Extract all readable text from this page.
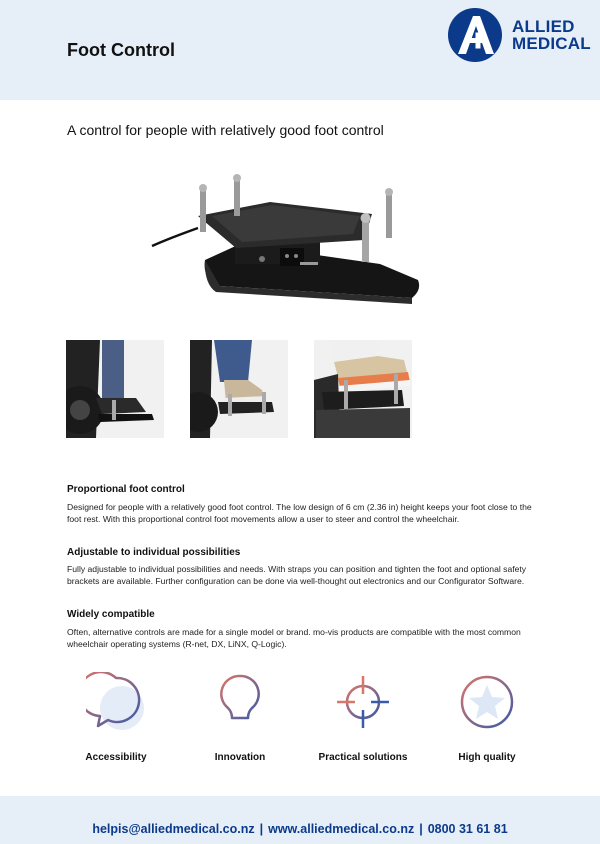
Foot Control
ALLIED
MEDICAL
A control for people with relatively good foot control
Proportional foot control
Designed for people with a relatively good foot control. The low design of 6 cm (2.36 in) height keeps your foot close to the foot rest. With this proportional control foot movements allow a user to steer and control the wheelchair.
Adjustable to individual possibilities
Fully adjustable to individual possibilities and needs. With straps you can position and tighten the foot and optional safety brackets are available. Further configuration can be done via well-thought out electronics and our Configurator Software.
Widely compatible
Often, alternative controls are made for a single model or brand. mo-vis products are compatible with the most common wheelchair operating systems (R-net, DX, LiNX, Q-Logic).
Accessibility	Innovation	Practical solutions	High quality
helpis@alliedmedical.co.nz | www.alliedmedical.co.nz | 0800 31 61 81
